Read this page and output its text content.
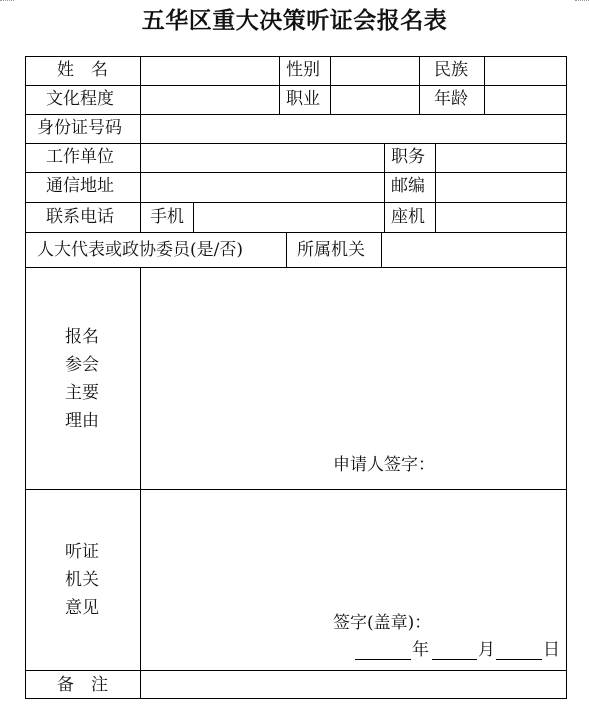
五华区重大决策听证会报名表
姓　名	性别	民族
文化程度	职业	年龄
身份证号码
工作单位	职务
通信地址	邮编
联系电话 手机	座机
人大代表或政协委员(是/否)	所属机关
报名
参会
主要
理由
申请人签字：
听证
机关
意见
签字(盖章)：
年	月	日
备　注
